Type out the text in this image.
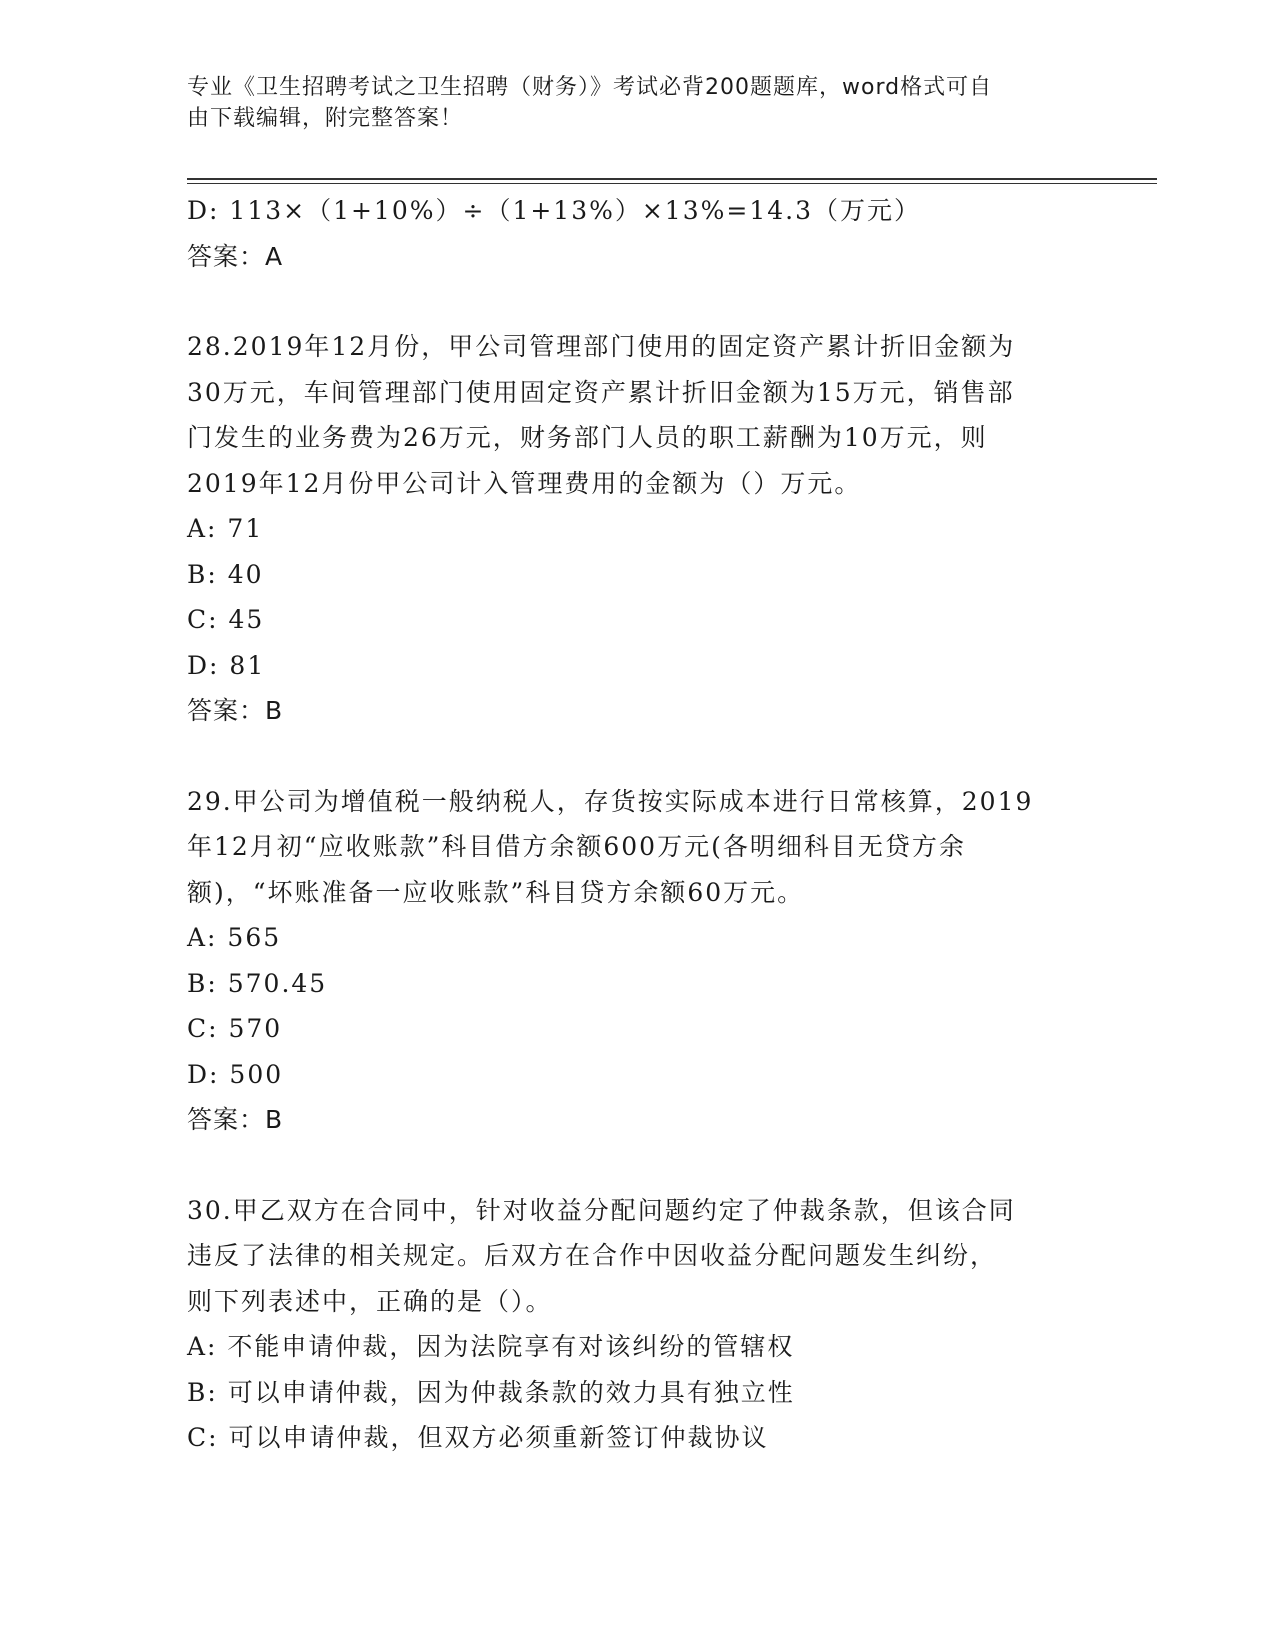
专业《卫生招聘考试之卫生招聘（财务）》考试必背200题题库，word格式可自
由下载编辑，附完整答案！
D: 113×（1+10%）÷（1+13%）×13%=14.3（万元）
答案：A
28.2019年12月份，甲公司管理部门使用的固定资产累计折旧金额为
30万元，车间管理部门使用固定资产累计折旧金额为15万元，销售部
门发生的业务费为26万元，财务部门人员的职工薪酬为10万元，则
2019年12月份甲公司计入管理费用的金额为（）万元。
A: 71
B: 40
C: 45
D: 81
答案：B
29.甲公司为增值税一般纳税人，存货按实际成本进行日常核算，2019
年12月初“应收账款”科目借方余额600万元(各明细科目无贷方余
额)，“坏账准备一应收账款”科目贷方余额60万元。
A: 565
B: 570.45
C: 570
D: 500
答案：B
30.甲乙双方在合同中，针对收益分配问题约定了仲裁条款，但该合同
违反了法律的相关规定。后双方在合作中因收益分配问题发生纠纷，
则下列表述中，正确的是（）。
A: 不能申请仲裁，因为法院享有对该纠纷的管辖权
B: 可以申请仲裁，因为仲裁条款的效力具有独立性
C: 可以申请仲裁，但双方必须重新签订仲裁协议
